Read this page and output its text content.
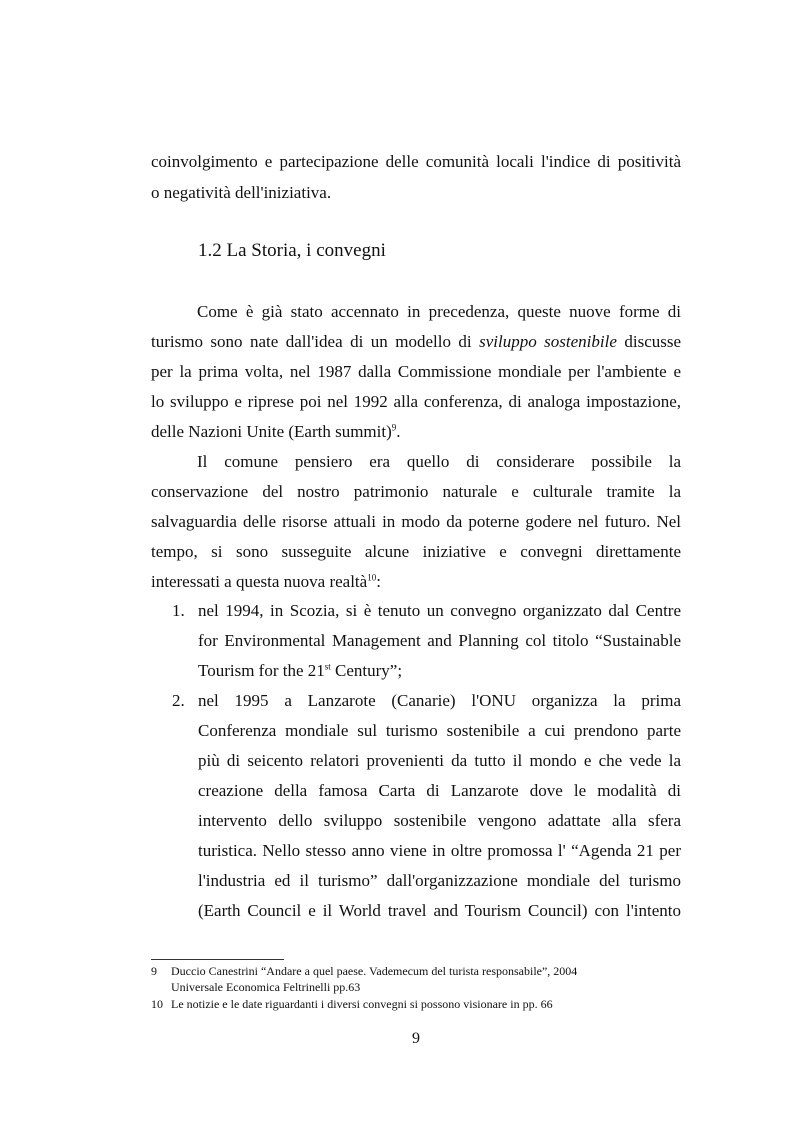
coinvolgimento e partecipazione delle comunità locali l'indice di positività
o negatività dell'iniziativa.
1.2 La Storia, i convegni
Come è già stato accennato in precedenza, queste nuove forme di
turismo sono nate dall'idea di un modello di sviluppo sostenibile discusse
per la prima volta, nel 1987 dalla Commissione mondiale per l'ambiente e
lo sviluppo e riprese poi nel 1992 alla conferenza, di analoga impostazione,
delle Nazioni Unite (Earth summit)$^9$.
Il comune pensiero era quello di considerare possibile la
conservazione del nostro patrimonio naturale e culturale tramite la
salvaguardia delle risorse attuali in modo da poterne godere nel futuro. Nel
tempo, si sono susseguite alcune iniziative e convegni direttamente
interessati a questa nuova realtà$^{10}$:
1. nel 1994, in Scozia, si è tenuto un convegno organizzato dal Centre
for Environmental Management and Planning col titolo “Sustainable
Tourism for the 21st Century”;
2. nel 1995 a Lanzarote (Canarie) l'ONU organizza la prima
Conferenza mondiale sul turismo sostenibile a cui prendono parte
più di seicento relatori provenienti da tutto il mondo e che vede la
creazione della famosa Carta di Lanzarote dove le modalità di
intervento dello sviluppo sostenibile vengono adattate alla sfera
turistica. Nello stesso anno viene in oltre promossa l' “Agenda 21 per
l'industria ed il turismo” dall'organizzazione mondiale del turismo
(Earth Council e il World travel and Tourism Council) con l'intento
9 Duccio Canestrini “Andare a quel paese. Vademecum del turista responsabile”, 2004
Universale Economica Feltrinelli pp.63
10 Le notizie e le date riguardanti i diversi convegni si possono visionare in pp. 66
9
